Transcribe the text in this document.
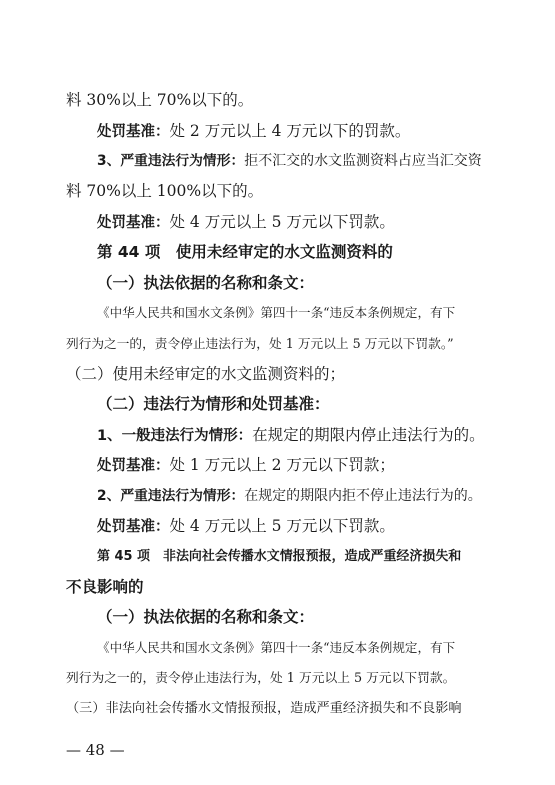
料 30%以上 70%以下的。
处罚基准：处 2 万元以上 4 万元以下的罚款。
3、严重违法行为情形：拒不汇交的水文监测资料占应当汇交资
料 70%以上 100%以下的。
处罚基准：处 4 万元以上 5 万元以下罚款。
第 44 项　使用未经审定的水文监测资料的
（一）执法依据的名称和条文：
《中华人民共和国水文条例》第四十一条“违反本条例规定，有下
列行为之一的，责令停止违法行为，处 1 万元以上 5 万元以下罚款。”
（二）使用未经审定的水文监测资料的；
（二）违法行为情形和处罚基准：
1、一般违法行为情形：在规定的期限内停止违法行为的。
处罚基准：处 1 万元以上 2 万元以下罚款；
2、严重违法行为情形：在规定的期限内拒不停止违法行为的。
处罚基准：处 4 万元以上 5 万元以下罚款。
第 45 项　非法向社会传播水文情报预报，造成严重经济损失和
不良影响的
（一）执法依据的名称和条文：
《中华人民共和国水文条例》第四十一条“违反本条例规定，有下
列行为之一的，责令停止违法行为，处 1 万元以上 5 万元以下罚款。
（三）非法向社会传播水文情报预报，造成严重经济损失和不良影响
— 48 —
